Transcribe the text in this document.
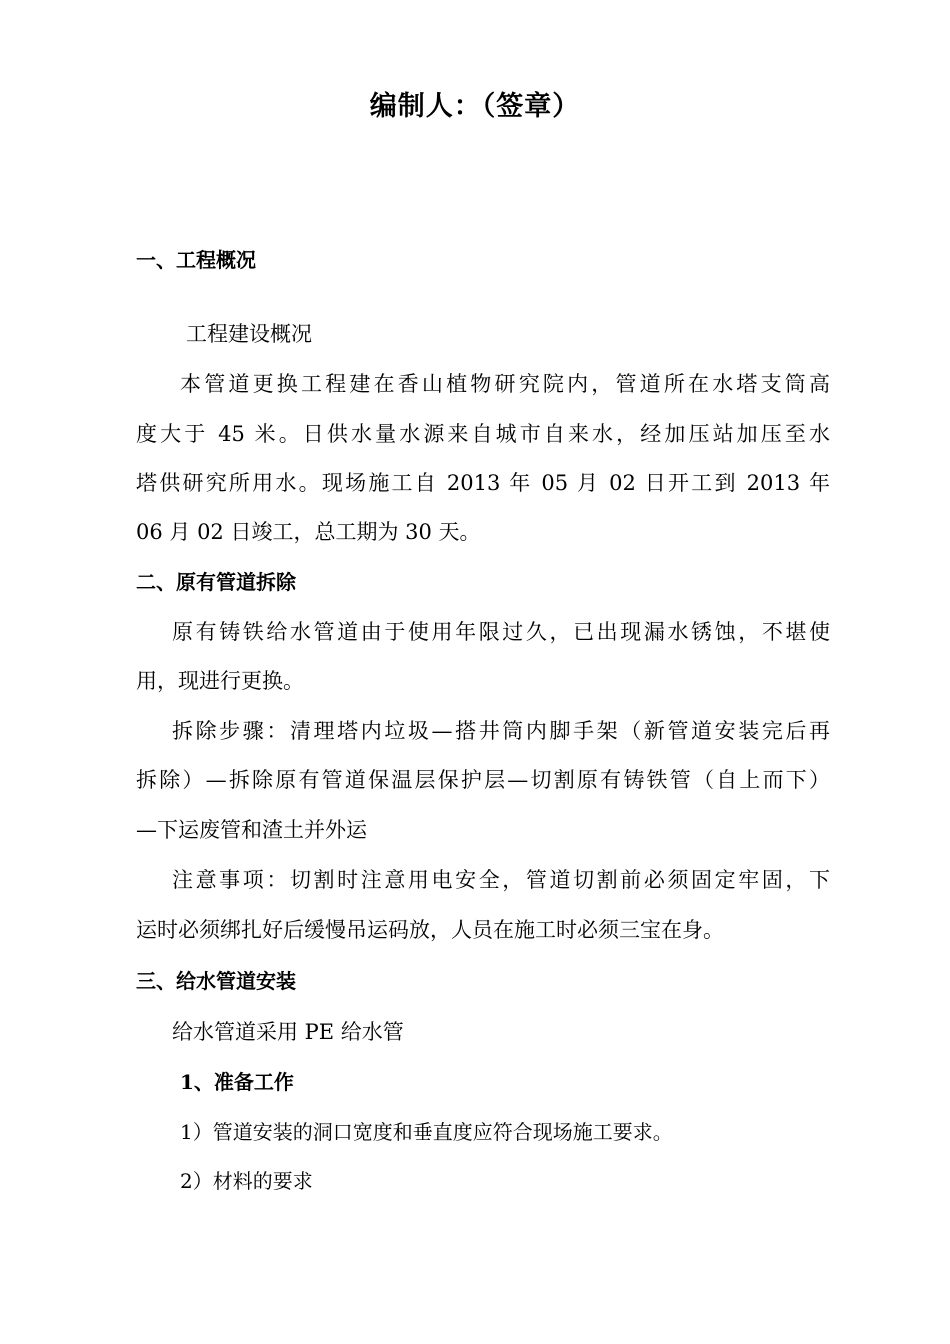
编制人：（签章）
一、工程概况
工程建设概况
本管道更换工程建在香山植物研究院内，管道所在水塔支筒高
度大于 45 米。日供水量水源来自城市自来水，经加压站加压至水
塔供研究所用水。现场施工自 2013 年 05 月 02 日开工到 2013 年
06 月 02 日竣工，总工期为 30 天。
二、原有管道拆除
原有铸铁给水管道由于使用年限过久，已出现漏水锈蚀，不堪使
用，现进行更换。
拆除步骤：清理塔内垃圾—搭井筒内脚手架（新管道安装完后再
拆除）—拆除原有管道保温层保护层—切割原有铸铁管（自上而下）
—下运废管和渣土并外运
注意事项：切割时注意用电安全，管道切割前必须固定牢固，下
运时必须绑扎好后缓慢吊运码放，人员在施工时必须三宝在身。
三、给水管道安装
给水管道采用 PE 给水管
1、准备工作
1）管道安装的洞口宽度和垂直度应符合现场施工要求。
2）材料的要求
